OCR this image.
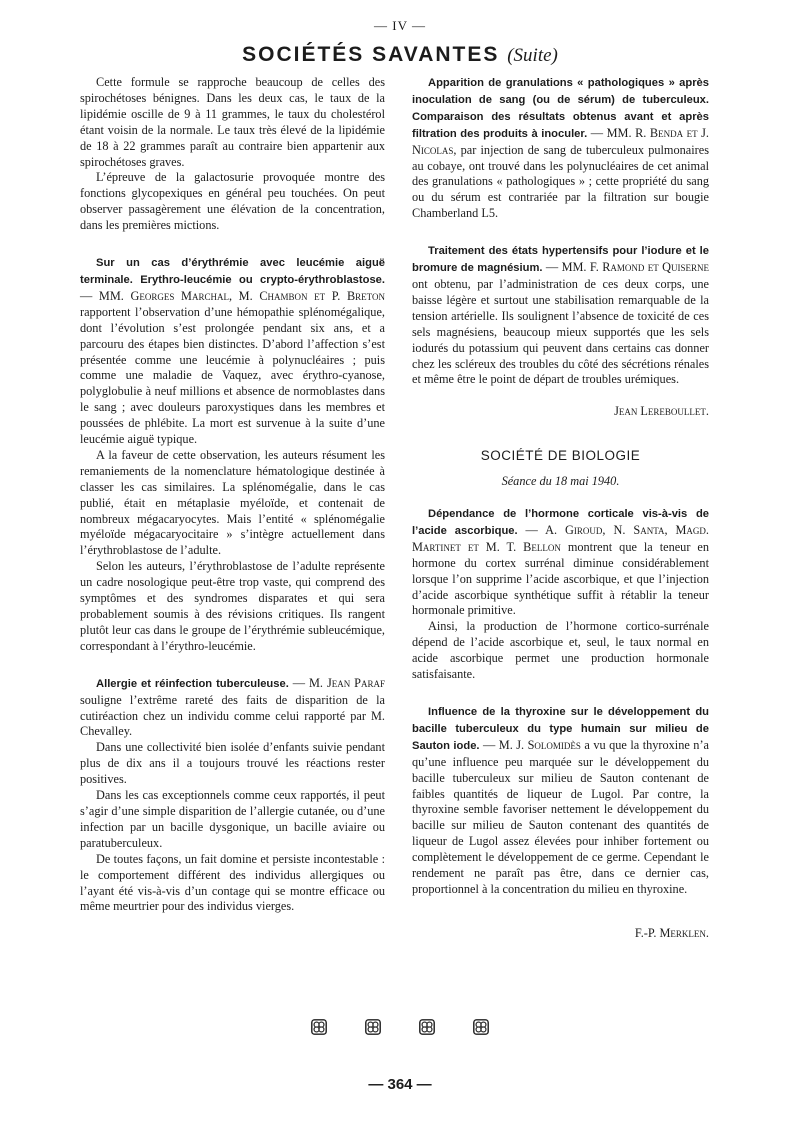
— IV —
SOCIÉTÉS SAVANTES (Suite)

Cette formule se rapproche beaucoup de celles des spirochétoses bénignes. Dans les deux cas, le taux de la lipidémie oscille de 9 à 11 grammes, le taux du cholestérol étant voisin de la normale. Le taux très élevé de la lipidémie de 18 à 22 grammes paraît au contraire bien appartenir aux spirochétoses graves.

L’épreuve de la galactosurie provoquée montre des fonctions glycopexiques en général peu touchées. On peut observer passagèrement une élévation de la concentration, dans les premières mictions.

Sur un cas d’érythrémie avec leucémie aiguë terminale. Erythro-leucémie ou crypto-érythroblastose. — MM. Georges Marchal, M. Chambon et P. Breton rapportent l’observation d’une hémopathie splénomégalique, dont l’évolution s’est prolongée pendant six ans, et a parcouru des étapes bien distinctes. D’abord l’affection s’est présentée comme une leucémie à polynucléaires ; puis comme une maladie de Vaquez, avec érythro-cyanose, polyglobulie à neuf millions et absence de normoblastes dans le sang ; avec douleurs paroxystiques dans les membres et poussées de phlébite. La mort est survenue à la suite d’une leucémie aiguë typique.

A la faveur de cette observation, les auteurs résument les remaniements de la nomenclature hématologique destinée à classer les cas similaires. La splénomégalie, dans le cas publié, était en métaplasie myéloïde, et contenait de nombreux mégacaryocytes. Mais l’entité « splénomégalie myéloïde mégacaryocitaire » s’intègre actuellement dans l’érythroblastose de l’adulte.

Selon les auteurs, l’érythroblastose de l’adulte représente un cadre nosologique peut-être trop vaste, qui comprend des symptômes et des syndromes disparates et qui sera probablement soumis à des révisions critiques. Ils rangent plutôt leur cas dans le groupe de l’érythrémie subleucémique, correspondant à l’érythro-leucémie.

Allergie et réinfection tuberculeuse. — M. Jean Paraf souligne l’extrême rareté des faits de disparition de la cutiréaction chez un individu comme celui rapporté par M. Chevalley.

Dans une collectivité bien isolée d’enfants suivie pendant plus de dix ans il a toujours trouvé les réactions rester positives.

Dans les cas exceptionnels comme ceux rapportés, il peut s’agir d’une simple disparition de l’allergie cutanée, ou d’une infection par un bacille dysgonique, un bacille aviaire ou paratuberculeux.

De toutes façons, un fait domine et persiste incontestable : le comportement différent des individus allergiques ou l’ayant été vis-à-vis d’un contage qui se montre efficace ou même meurtrier pour des individus vierges.

Apparition de granulations « pathologiques » après inoculation de sang (ou de sérum) de tuberculeux. Comparaison des résultats obtenus avant et après filtration des produits à inoculer. — MM. R. Benda et J. Nicolas, par injection de sang de tuberculeux pulmonaires au cobaye, ont trouvé dans les polynucléaires de cet animal des granulations « pathologiques » ; cette propriété du sang ou du sérum est contrariée par la filtration sur bougie Chamberland L5.

Traitement des états hypertensifs pour l’iodure et le bromure de magnésium. — MM. F. Ramond et Quiserne ont obtenu, par l’administration de ces deux corps, une baisse légère et surtout une stabilisation remarquable de la tension artérielle. Ils soulignent l’absence de toxicité de ces sels magnésiens, beaucoup mieux supportés que les sels iodurés du potassium qui peuvent dans certains cas donner chez les scléreux des troubles du côté des sécrétions rénales et même être le point de départ de troubles urémiques.

Jean Lereboullet.
SOCIÉTÉ DE BIOLOGIE
Séance du 18 mai 1940.

Dépendance de l’hormone corticale vis-à-vis de l’acide ascorbique. — A. Giroud, N. Santa, Magd. Martinet et M. T. Bellon montrent que la teneur en hormone du cortex surrénal diminue considérablement lorsque l’on supprime l’acide ascorbique, et que l’injection d’acide ascorbique synthétique suffit à rétablir la teneur hormonale primitive.

Ainsi, la production de l’hormone cortico-surrénale dépend de l’acide ascorbique et, seul, le taux normal en acide ascorbique permet une production hormonale satisfaisante.

Influence de la thyroxine sur le développement du bacille tuberculeux du type humain sur milieu de Sauton iode. — M. J. Solomidès a vu que la thyroxine n’a qu’une influence peu marquée sur le développement du bacille tuberculeux sur milieu de Sauton contenant de faibles quantités de liqueur de Lugol. Par contre, la thyroxine semble favoriser nettement le développement du bacille sur milieu de Sauton contenant des quantités de liqueur de Lugol assez élevées pour inhiber fortement ou complètement le développement de ce germe. Cependant le rendement ne paraît pas être, dans ce dernier cas, proportionnel à la concentration du milieu en thyroxine.

F.-P. Merklen.

— 364 —
